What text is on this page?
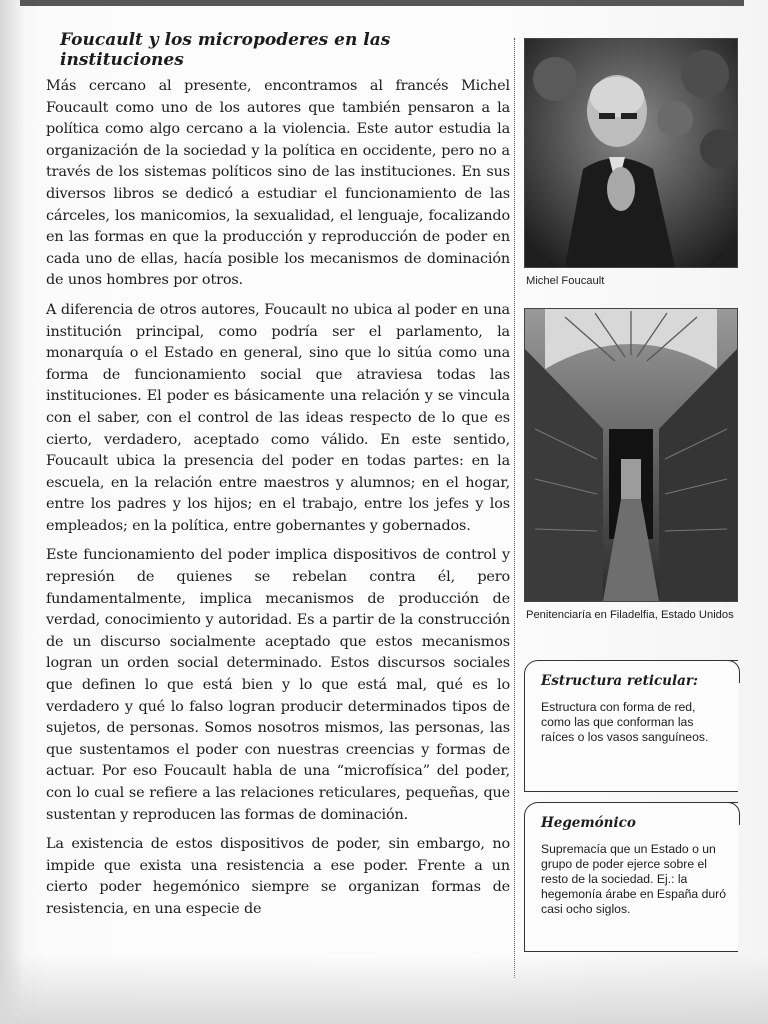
Foucault y los micropoderes en las instituciones

Más cercano al presente, encontramos al francés Michel Foucault como uno de los autores que también pensaron a la política como algo cercano a la violencia. Este autor estudia la organización de la sociedad y la política en occidente, pero no a través de los sistemas políticos sino de las instituciones. En sus diversos libros se dedicó a estudiar el funcionamiento de las cárceles, los manicomios, la sexualidad, el lenguaje, focalizando en las formas en que la producción y reproducción de poder en cada uno de ellas, hacía posible los mecanismos de dominación de unos hombres por otros.

A diferencia de otros autores, Foucault no ubica al poder en una institución principal, como podría ser el parlamento, la monarquía o el Estado en general, sino que lo sitúa como una forma de funcionamiento social que atraviesa todas las instituciones. El poder es básicamente una relación y se vincula con el saber, con el control de las ideas respecto de lo que es cierto, verdadero, aceptado como válido. En este sentido, Foucault ubica la presencia del poder en todas partes: en la escuela, en la relación entre maestros y alumnos; en el hogar, entre los padres y los hijos; en el trabajo, entre los jefes y los empleados; en la política, entre gobernantes y gobernados.

Este funcionamiento del poder implica dispositivos de control y represión de quienes se rebelan contra él, pero fundamentalmente, implica mecanismos de producción de verdad, conocimiento y autoridad. Es a partir de la construcción de un discurso socialmente aceptado que estos mecanismos logran un orden social determinado. Estos discursos sociales que definen lo que está bien y lo que está mal, qué es lo verdadero y qué lo falso logran producir determinados tipos de sujetos, de personas. Somos nosotros mismos, las personas, las que sustentamos el poder con nuestras creencias y formas de actuar. Por eso Foucault habla de una “microfísica” del poder, con lo cual se refiere a las relaciones reticulares, pequeñas, que sustentan y reproducen las formas de dominación.

La existencia de estos dispositivos de poder, sin embargo, no impide que exista una resistencia a ese poder. Frente a un cierto poder hegemónico siempre se organizan formas de resistencia, en una especie de

Michel Foucault

Penitenciaría en Filadelfia, Estado Unidos

Estructura reticular:

Estructura con forma de red, como las que conforman las raíces o los vasos sanguíneos.

Hegemónico

Supremacía que un Estado o un grupo de poder ejerce sobre el resto de la sociedad. Ej.: la hegemonía árabe en España duró casi ocho siglos.
